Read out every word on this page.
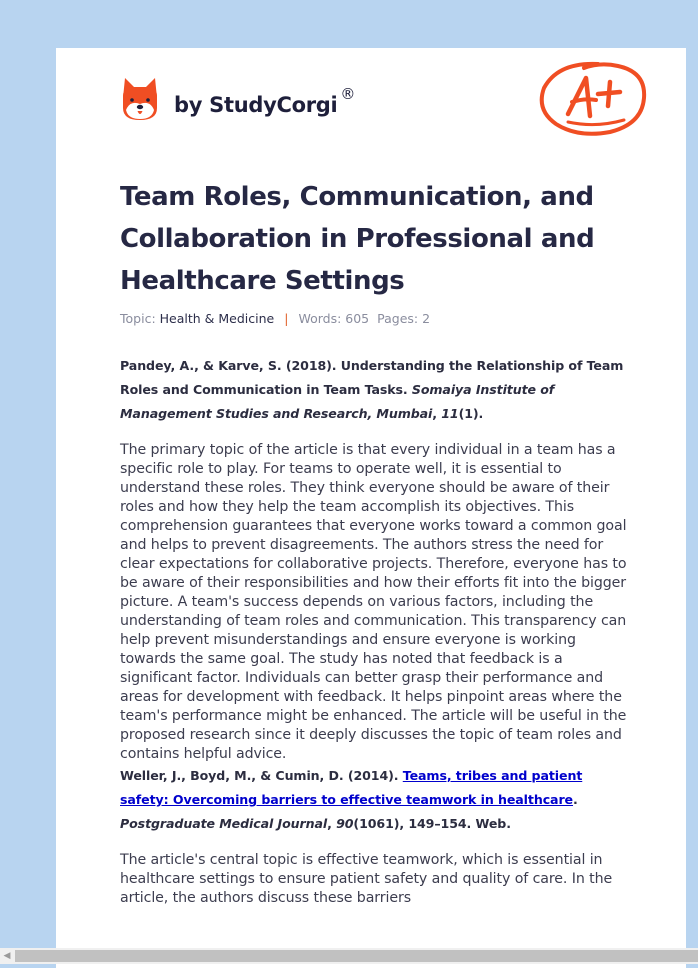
by StudyCorgi ®
Team Roles, Communication, and Collaboration in Professional and Healthcare Settings
Topic: Health & Medicine | Words: 605 Pages: 2

Pandey, A., & Karve, S. (2018). Understanding the Relationship of Team Roles and Communication in Team Tasks. Somaiya Institute of Management Studies and Research, Mumbai, 11(1).

The primary topic of the article is that every individual in a team has a specific role to play. For teams to operate well, it is essential to understand these roles. They think everyone should be aware of their roles and how they help the team accomplish its objectives. This comprehension guarantees that everyone works toward a common goal and helps to prevent disagreements. The authors stress the need for clear expectations for collaborative projects. Therefore, everyone has to be aware of their responsibilities and how their efforts fit into the bigger picture. A team's success depends on various factors, including the understanding of team roles and communication. This transparency can help prevent misunderstandings and ensure everyone is working towards the same goal. The study has noted that feedback is a significant factor. Individuals can better grasp their performance and areas for development with feedback. It helps pinpoint areas where the team's performance might be enhanced. The article will be useful in the proposed research since it deeply discusses the topic of team roles and contains helpful advice.

Weller, J., Boyd, M., & Cumin, D. (2014). Teams, tribes and patient safety: Overcoming barriers to effective teamwork in healthcare. Postgraduate Medical Journal, 90(1061), 149–154. Web.

The article's central topic is effective teamwork, which is essential in healthcare settings to ensure patient safety and quality of care. In the article, the authors discuss these barriers

◀
